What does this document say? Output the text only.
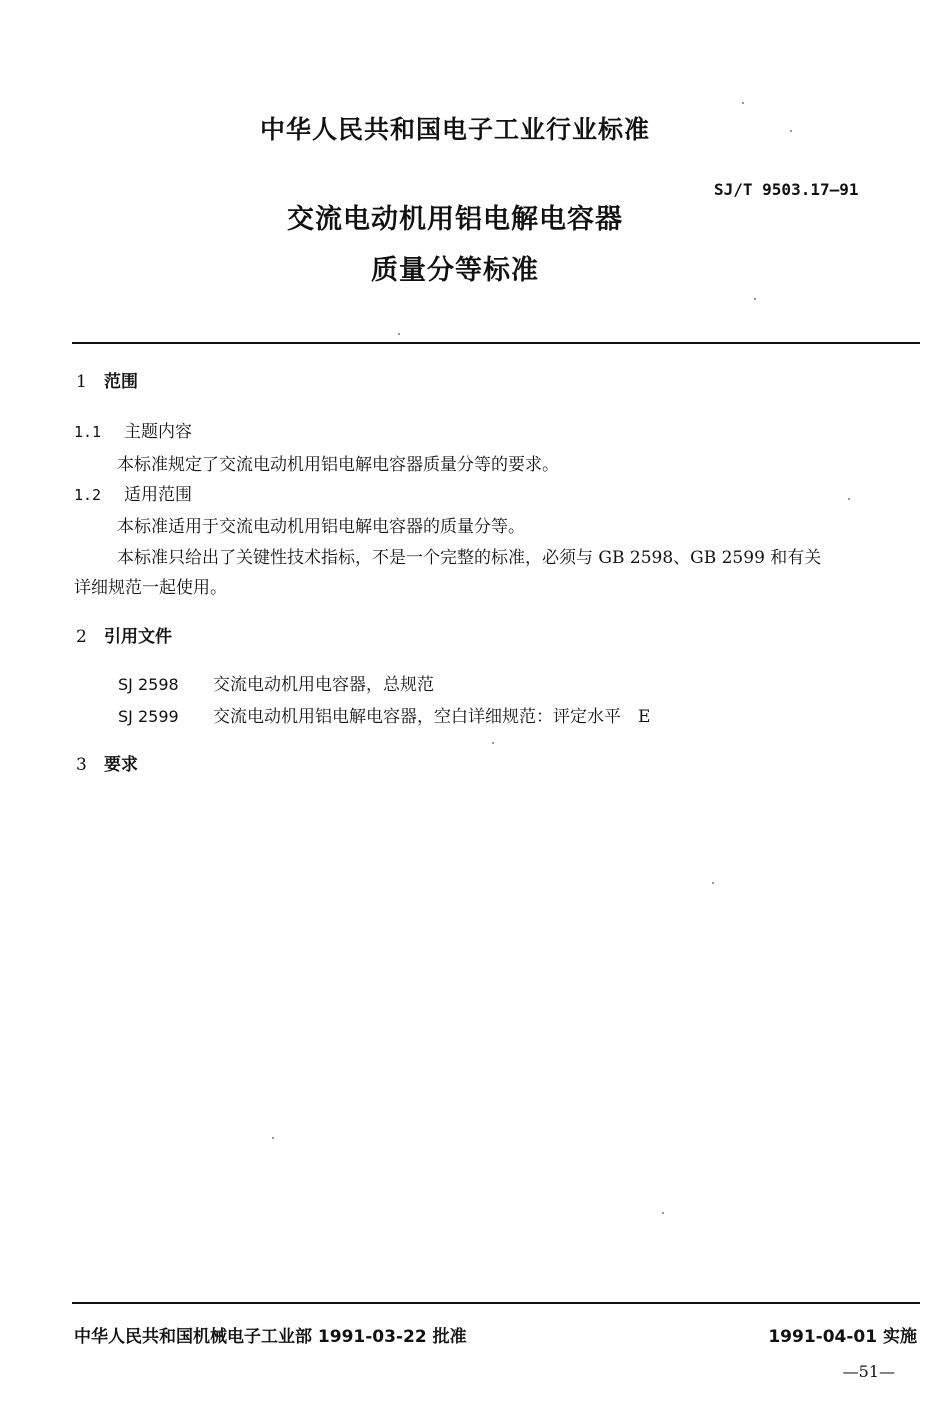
中华人民共和国电子工业行业标准
SJ/T 9503.17—91
交流电动机用铝电解电容器
质量分等标准
1 范围
1.1 主题内容
本标准规定了交流电动机用铝电解电容器质量分等的要求。
1.2 适用范围
本标准适用于交流电动机用铝电解电容器的质量分等。
本标准只给出了关键性技术指标，不是一个完整的标准，必须与 GB 2598、GB 2599 和有关
详细规范一起使用。
2 引用文件
SJ 2598 交流电动机用电容器，总规范
SJ 2599 交流电动机用铝电解电容器，空白详细规范：评定水平　E
3 要求
中华人民共和国机械电子工业部 1991-03-22 批准	1991-04-01 实施
—51—
